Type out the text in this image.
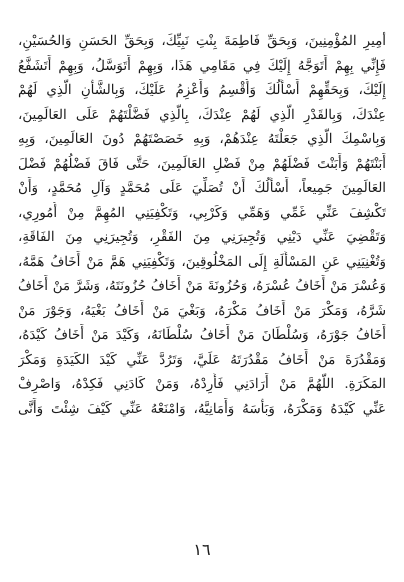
أمِيرِ المُؤْمِنِينَ، وَبِحَقِّ فَاطِمَةَ بِنْتِ نَبِيِّكَ، وَبِحَقِّ الحَسَنِ وَالحُسَيْنِ،
فَإِنِّي بِهِمْ أَتَوَجَّهُ إِلَيْكَ فِي مَقَامِي هَذَا، وَبِهِمْ أَتَوَسَّلُ، وَبِهِمْ أَتَشَفَّعُ
إِلَيْكَ، وَبِحَقِّهِمْ أَسْأَلُكَ وَأُقْسِمُ وَأَعْزِمُ عَلَيْكَ، وَبِالشَّأْنِ الَّذِي لَهُمْ
عِنْدَكَ، وَبِالقَدْرِ الَّذِي لَهُمْ عِنْدَكَ، بِالَّذِي فَضَّلْتَهُمْ عَلَى العَالَمِينَ،
وَبِاسْمِكَ الَّذِي جَعَلْتَهُ عِنْدَهُمْ، وَبِهِ خَصَصْتَهُمْ دُونَ العَالَمِينَ، وَبِهِ
أَبَنْتَهُمْ وَأَبَنْتَ فَضْلَهُمْ مِنْ فَضْلِ العَالَمِينَ، حَتَّى فَاقَ فَضْلُهُمْ فَضْلَ
العَالَمِينَ جَمِيعاً، أَسْأَلُكَ أَنْ تُصَلِّيَ عَلَى مُحَمَّدٍ وَآلِ مُحَمَّدٍ، وَأَنْ
تَكْشِفَ عَنِّي غَمِّي وَهَمِّي وَكَرْبِي، وَتَكْفِيَنِي المُهِمَّ مِنْ أُمُورِي،
وَتَقْضِيَ عَنِّي دَيْنِي وَتُجِيرَنِي مِنَ الفَقْرِ، وَتُجِيرَنِي مِنَ الفَاقَةِ،
وَتُغْنِيَنِي عَنِ المَسْأَلَةِ إِلَى المَخْلُوقِينَ، وَتَكْفِيَنِي هَمَّ مَنْ أَخَافُ هَمَّهُ،
وَعُسْرَ مَنْ أَخَافُ عُسْرَهُ، وَحُزُونَةَ مَنْ أَخَافُ حُزُونَتَهُ، وَشَرَّ مَنْ أَخَافُ
شَرَّهُ، وَمَكْرَ مَنْ أَخَافُ مَكْرَهُ، وَبَغْيَ مَنْ أَخَافُ بَغْيَهُ، وَجَوْرَ مَنْ
أَخَافُ جَوْرَهُ، وَسُلْطَانَ مَنْ أَخَافُ سُلْطَانَهُ، وَكَيْدَ مَنْ أَخَافُ كَيْدَهُ،
وَمَقْدُرَةَ مَنْ أَخَافُ مَقْدُرَتَهُ عَلَيَّ، وَتَرُدَّ عَنِّي كَيْدَ الكَيَدَةِ وَمَكْرَ
المَكَرَةِ. اللَّهُمَّ مَنْ أَرَادَنِي فَأَرِدْهُ، وَمَنْ كَادَنِي فَكِدْهُ، وَاصْرِفْ
عَنِّي كَيْدَهُ وَمَكْرَهُ، وَبَأْسَهُ وَأَمَانِيَّهُ، وَامْنَعْهُ عَنِّي كَيْفَ شِئْتَ وَأَنَّى
١٦
